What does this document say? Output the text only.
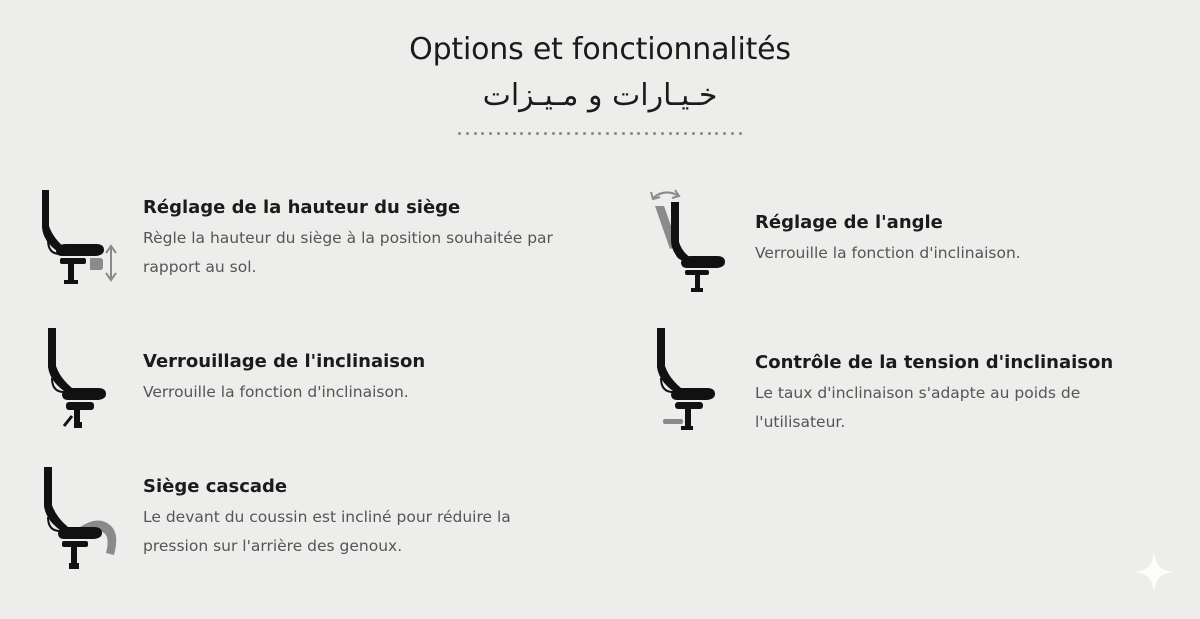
Options et fonctionnalités
خـيـارات و مـيـزات
Réglage de la hauteur du siège
Règle la hauteur du siège à la position souhaitée par rapport au sol.
Réglage de l'angle
Verrouille la fonction d'inclinaison.
Verrouillage de l'inclinaison
Verrouille la fonction d'inclinaison.
Contrôle de la tension d'inclinaison
Le taux d'inclinaison s'adapte au poids de l'utilisateur.
Siège cascade
Le devant du coussin est incliné pour réduire la pression sur l'arrière des genoux.
